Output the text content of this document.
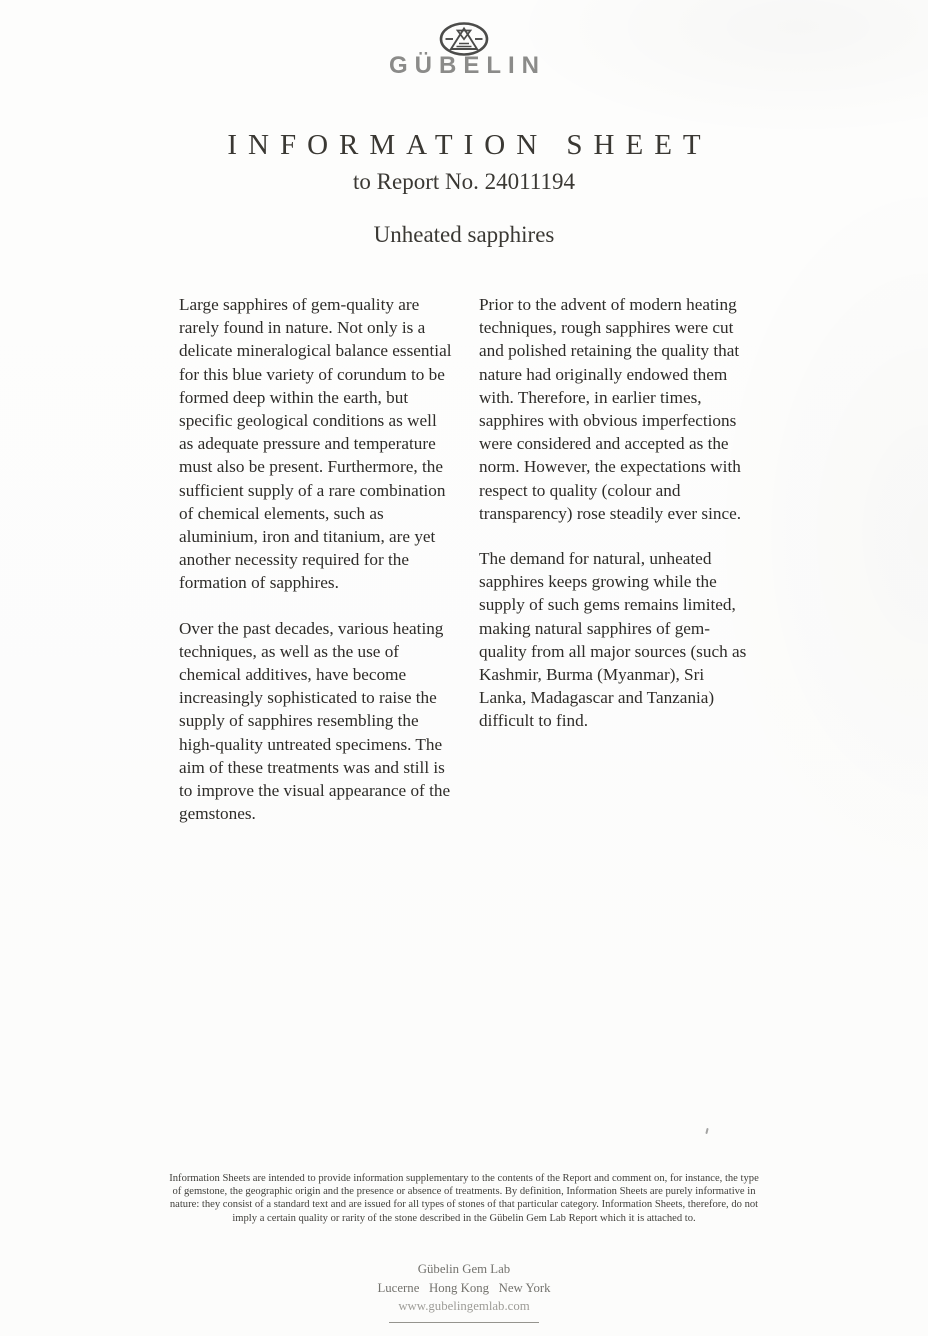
GÜBELIN
INFORMATION SHEET
to Report No. 24011194
Unheated sapphires

Large sapphires of gem-quality are rarely found in nature. Not only is a delicate mineralogical balance essential for this blue variety of corundum to be formed deep within the earth, but specific geological conditions as well as adequate pressure and temperature must also be present. Furthermore, the sufficient supply of a rare combination of chemical elements, such as aluminium, iron and titanium, are yet another necessity required for the formation of sapphires.

Over the past decades, various heating techniques, as well as the use of chemical additives, have become increasingly sophisticated to raise the supply of sapphires resembling the high-quality untreated specimens. The aim of these treatments was and still is to improve the visual appearance of the gemstones.

Prior to the advent of modern heating techniques, rough sapphires were cut and polished retaining the quality that nature had originally endowed them with. Therefore, in earlier times, sapphires with obvious imperfections were considered and accepted as the norm. However, the expectations with respect to quality (colour and transparency) rose steadily ever since.

The demand for natural, unheated sapphires keeps growing while the supply of such gems remains limited, making natural sapphires of gem-quality from all major sources (such as Kashmir, Burma (Myanmar), Sri Lanka, Madagascar and Tanzania) difficult to find.

Information Sheets are intended to provide information supplementary to the contents of the Report and comment on, for instance, the type of gemstone, the geographic origin and the presence or absence of treatments. By definition, Information Sheets are purely informative in nature: they consist of a standard text and are issued for all types of stones of that particular category. Information Sheets, therefore, do not imply a certain quality or rarity of the stone described in the Gübelin Gem Lab Report which it is attached to.

Gübelin Gem Lab
Lucerne   Hong Kong   New York
www.gubelingemlab.com
